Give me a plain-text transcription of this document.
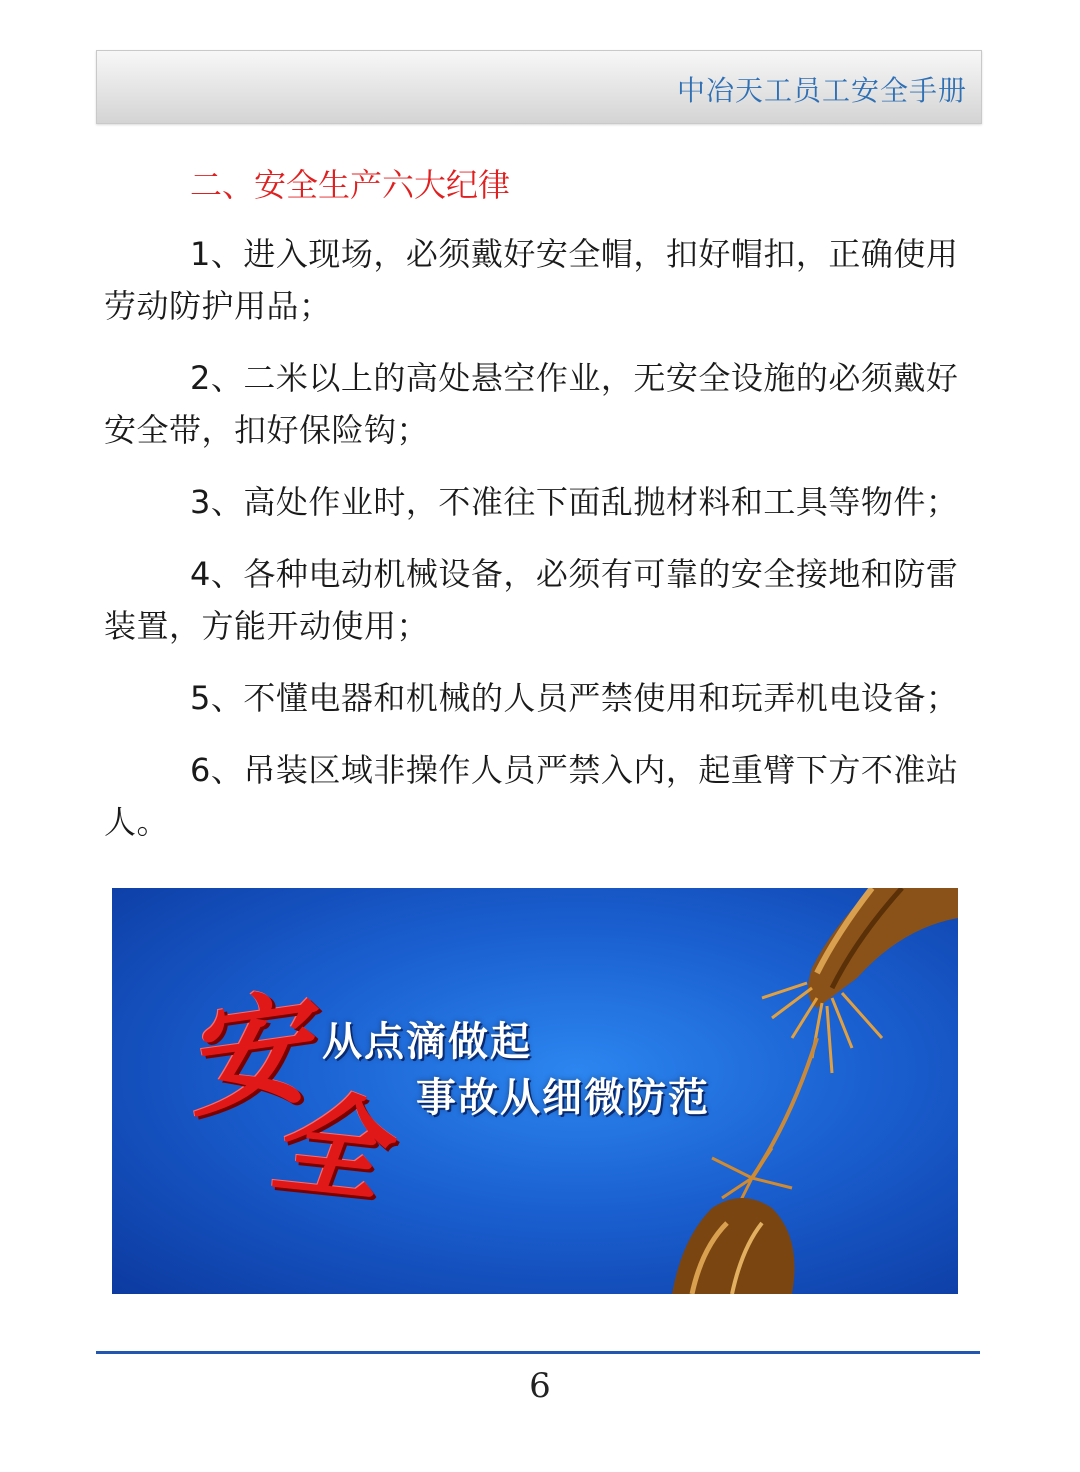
中冶天工员工安全手册
二、安全生产六大纪律

1、进入现场，必须戴好安全帽，扣好帽扣，正确使用劳动防护用品；

2、二米以上的高处悬空作业，无安全设施的必须戴好安全带，扣好保险钩；

3、高处作业时，不准往下面乱抛材料和工具等物件；

4、各种电动机械设备，必须有可靠的安全接地和防雷装置，方能开动使用；

5、不懂电器和机械的人员严禁使用和玩弄机电设备；

6、吊装区域非操作人员严禁入内，起重臂下方不准站人。

安
全
从点滴做起
事故从细微防范
6
